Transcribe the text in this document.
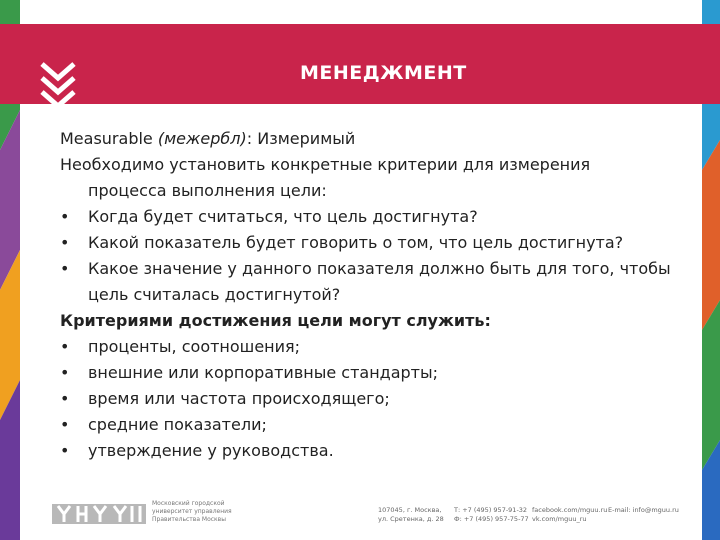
МЕНЕДЖМЕНТ
Measurable (межербл): Измеримый
Необходимо установить конкретные критерии для измерения
процесса выполнения цели:
• Когда будет считаться, что цель достигнута?
• Какой показатель будет говорить о том, что цель достигнута?
• Какое значение у данного показателя должно быть для того, чтобы
цель считалась достигнутой?
Критериями достижения цели могут служить:
• проценты, соотношения;
• внешние или корпоративные стандарты;
• время или частота происходящего;
• средние показатели;
• утверждение у руководства.
Московский городской
университет управления
Правительства Москвы
107045, г. Москва,
ул. Сретенка, д. 28
Т: +7 (495) 957-91-32
Ф: +7 (495) 957-75-77
facebook.com/mguu.ru
vk.com/mguu_ru
E-mail: info@mguu.ru
